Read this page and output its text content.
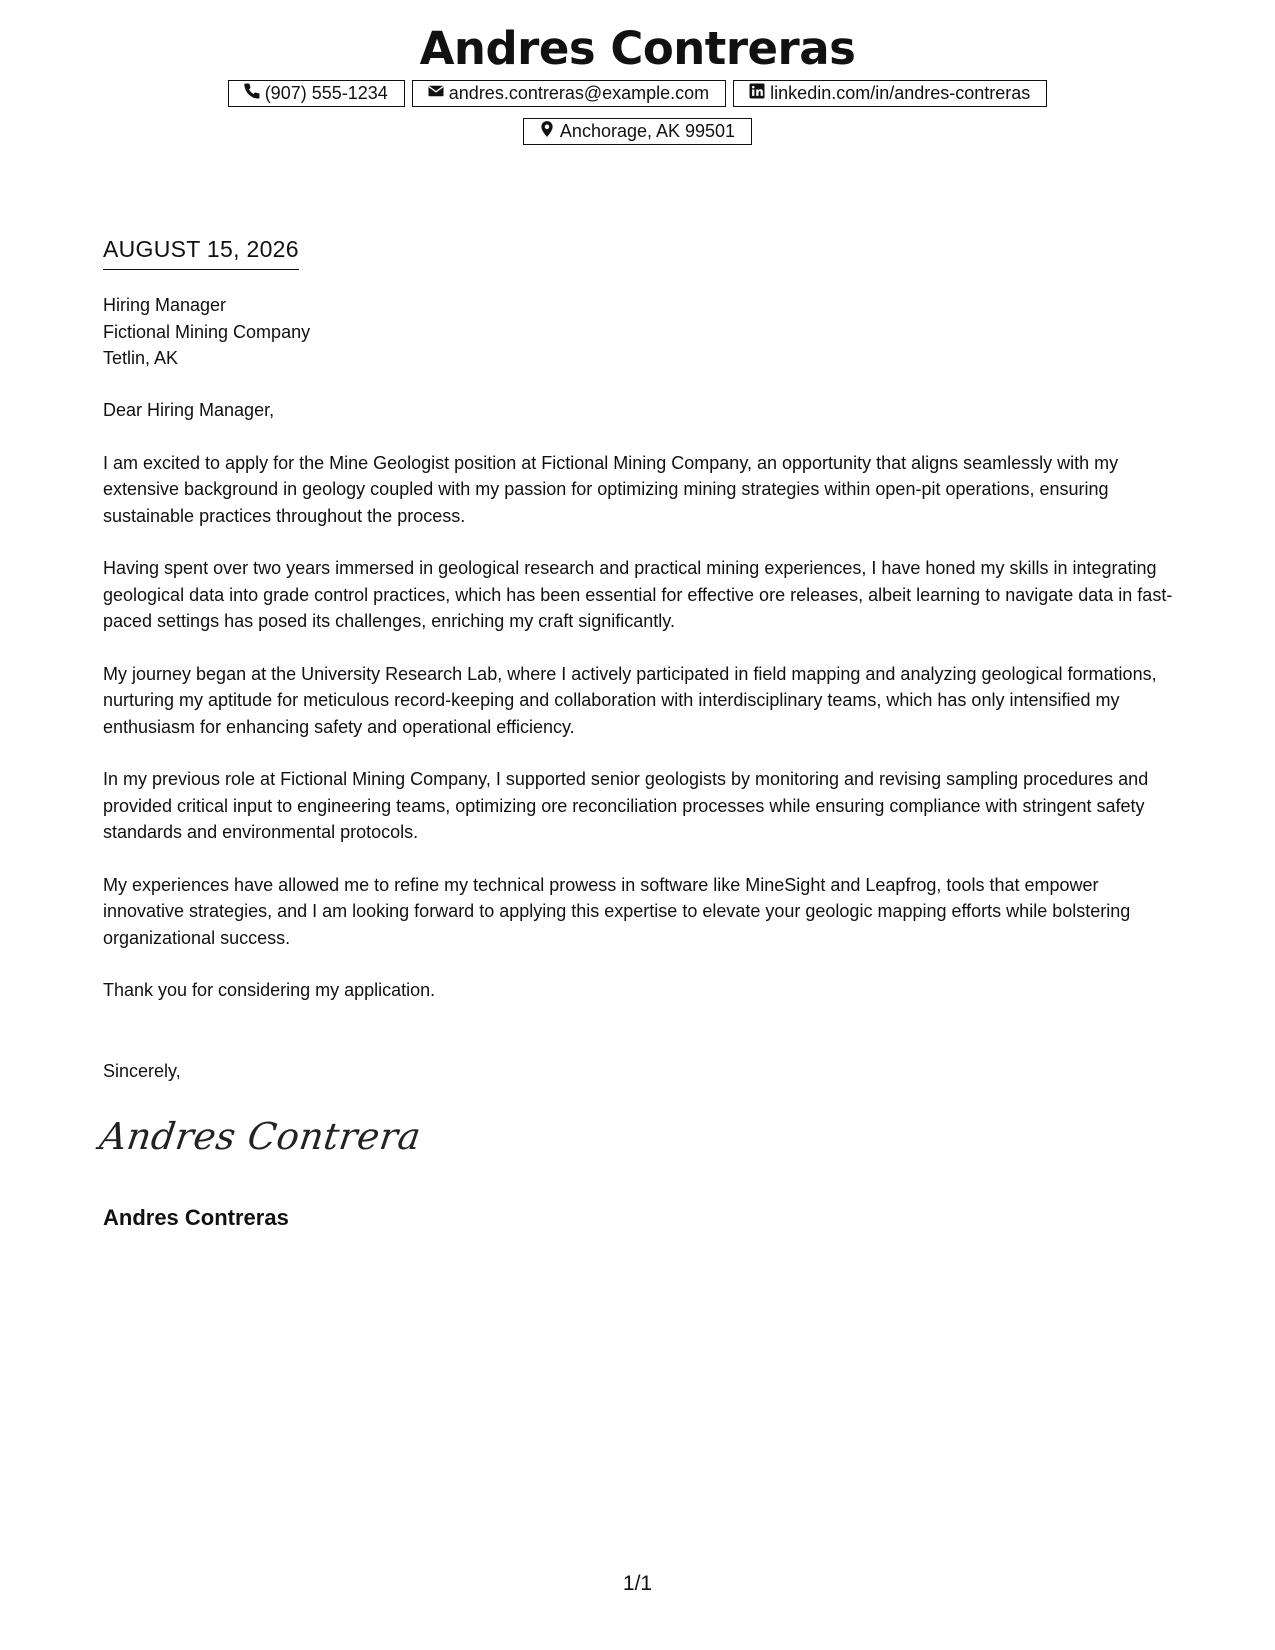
Andres Contreras
(907) 555-1234	andres.contreras@example.com	linkedin.com/in/andres-contreras
Anchorage, AK 99501
AUGUST 15, 2026
Hiring Manager
Fictional Mining Company
Tetlin, AK

Dear Hiring Manager,

I am excited to apply for the Mine Geologist position at Fictional Mining Company, an opportunity that aligns seamlessly with my extensive background in geology coupled with my passion for optimizing mining strategies within open-pit operations, ensuring sustainable practices throughout the process.

Having spent over two years immersed in geological research and practical mining experiences, I have honed my skills in integrating geological data into grade control practices, which has been essential for effective ore releases, albeit learning to navigate data in fast-paced settings has posed its challenges, enriching my craft significantly.

My journey began at the University Research Lab, where I actively participated in field mapping and analyzing geological formations, nurturing my aptitude for meticulous record-keeping and collaboration with interdisciplinary teams, which has only intensified my enthusiasm for enhancing safety and operational efficiency.

In my previous role at Fictional Mining Company, I supported senior geologists by monitoring and revising sampling procedures and provided critical input to engineering teams, optimizing ore reconciliation processes while ensuring compliance with stringent safety standards and environmental protocols.

My experiences have allowed me to refine my technical prowess in software like MineSight and Leapfrog, tools that empower innovative strategies, and I am looking forward to applying this expertise to elevate your geologic mapping efforts while bolstering organizational success.

Thank you for considering my application.

Sincerely,
Andres Contrera
Andres Contreras
1/1
